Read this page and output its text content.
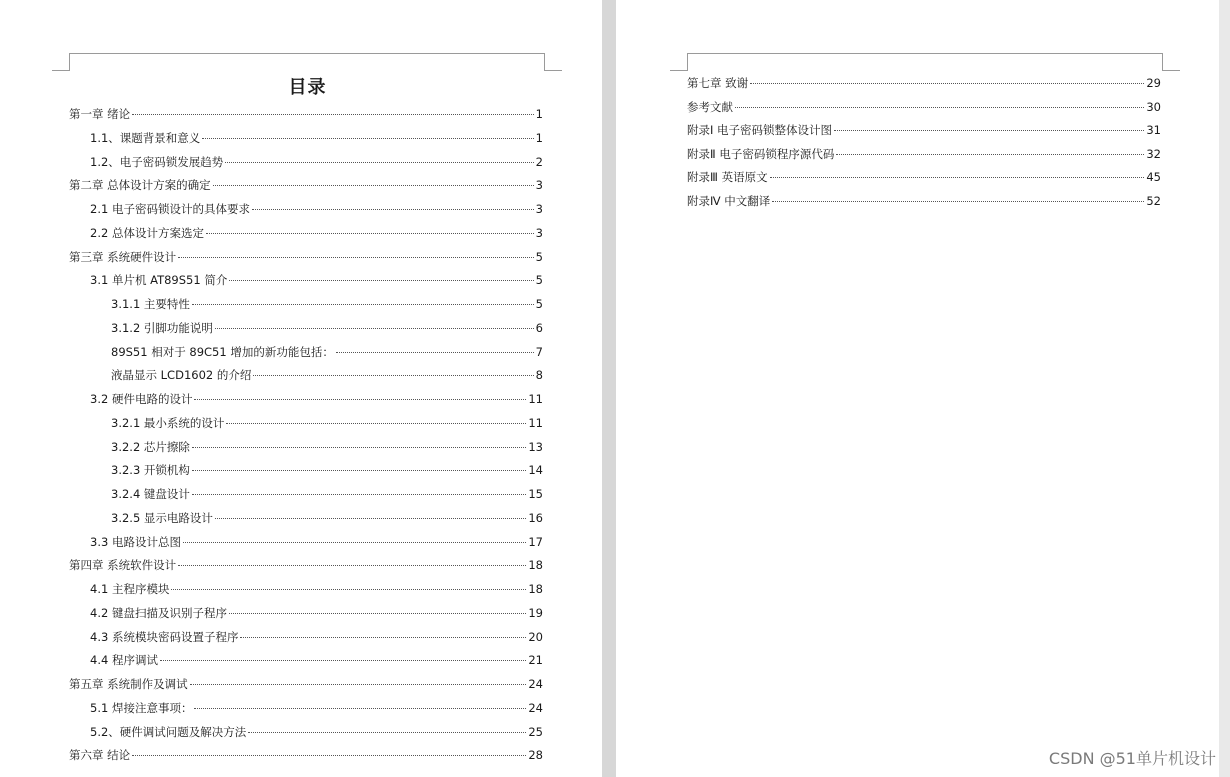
目录
第一章 绪论	1
1.1、课题背景和意义	1
1.2、电子密码锁发展趋势	2
第二章 总体设计方案的确定	3
2.1 电子密码锁设计的具体要求	3
2.2 总体设计方案选定	3
第三章 系统硬件设计	5
3.1 单片机 AT89S51 简介	5
3.1.1 主要特性	5
3.1.2 引脚功能说明	6
89S51 相对于 89C51 增加的新功能包括：	7
液晶显示 LCD1602 的介绍	8
3.2 硬件电路的设计	11
3.2.1 最小系统的设计	11
3.2.2 芯片擦除	13
3.2.3 开锁机构	14
3.2.4 键盘设计	15
3.2.5 显示电路设计	16
3.3 电路设计总图	17
第四章 系统软件设计	18
4.1 主程序模块	18
4.2 键盘扫描及识别子程序	19
4.3 系统模块密码设置子程序	20
4.4 程序调试	21
第五章 系统制作及调试	24
5.1 焊接注意事项：	24
5.2、硬件调试问题及解决方法	25
第六章 结论	28
第七章 致谢	29
参考文献	30
附录Ⅰ 电子密码锁整体设计图	31
附录Ⅱ 电子密码锁程序源代码	32
附录Ⅲ 英语原文	45
附录Ⅳ 中文翻译	52
CSDN @51单片机设计
